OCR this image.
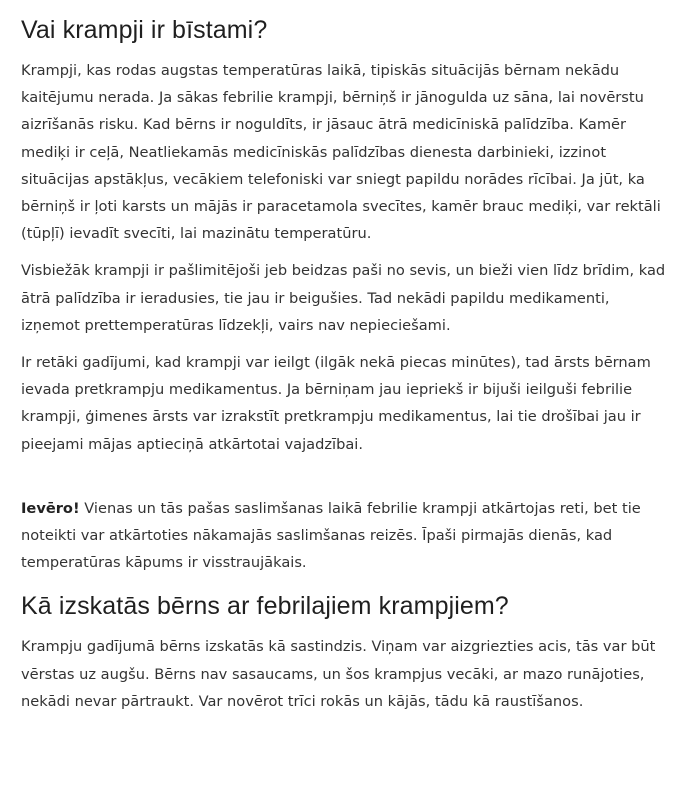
Vai krampji ir bīstami?

Krampji, kas rodas augstas temperatūras laikā, tipiskās situācijās bērnam nekādu kaitējumu nerada. Ja sākas febrilie krampji, bērniņš ir jānogulda uz sāna, lai novērstu aizrīšanās risku. Kad bērns ir noguldīts, ir jāsauc ātrā medicīniskā palīdzība. Kamēr mediķi ir ceļā, Neatliekamās medicīniskās palīdzības dienesta darbinieki, izzinot situācijas apstākļus, vecākiem telefoniski var sniegt papildu norādes rīcībai. Ja jūt, ka bērniņš ir ļoti karsts un mājās ir paracetamola svecītes, kamēr brauc mediķi, var rektāli (tūpļī) ievadīt svecīti, lai mazinātu temperatūru.

Visbiežāk krampji ir pašlimitējoši jeb beidzas paši no sevis, un bieži vien līdz brīdim, kad ātrā palīdzība ir ieradusies, tie jau ir beigušies. Tad nekādi papildu medikamenti, izņemot prettemperatūras līdzekļi, vairs nav nepieciešami.

Ir retāki gadījumi, kad krampji var ieilgt (ilgāk nekā piecas minūtes), tad ārsts bērnam ievada pretkrampju medikamentus. Ja bērniņam jau iepriekš ir bijuši ieilguši febrilie krampji, ģimenes ārsts var izrakstīt pretkrampju medikamentus, lai tie drošībai jau ir pieejami mājas aptieciņā atkārtotai vajadzībai.

Ievēro! Vienas un tās pašas saslimšanas laikā febrilie krampji atkārtojas reti, bet tie noteikti var atkārtoties nākamajās saslimšanas reizēs. Īpaši pirmajās dienās, kad temperatūras kāpums ir visstraujākais.

Kā izskatās bērns ar febrilajiem krampjiem?

Krampju gadījumā bērns izskatās kā sastindzis. Viņam var aizgriezties acis, tās var būt vērstas uz augšu. Bērns nav sasaucams, un šos krampjus vecāki, ar mazo runājoties, nekādi nevar pārtraukt. Var novērot trīci rokās un kājās, tādu kā raustīšanos.
